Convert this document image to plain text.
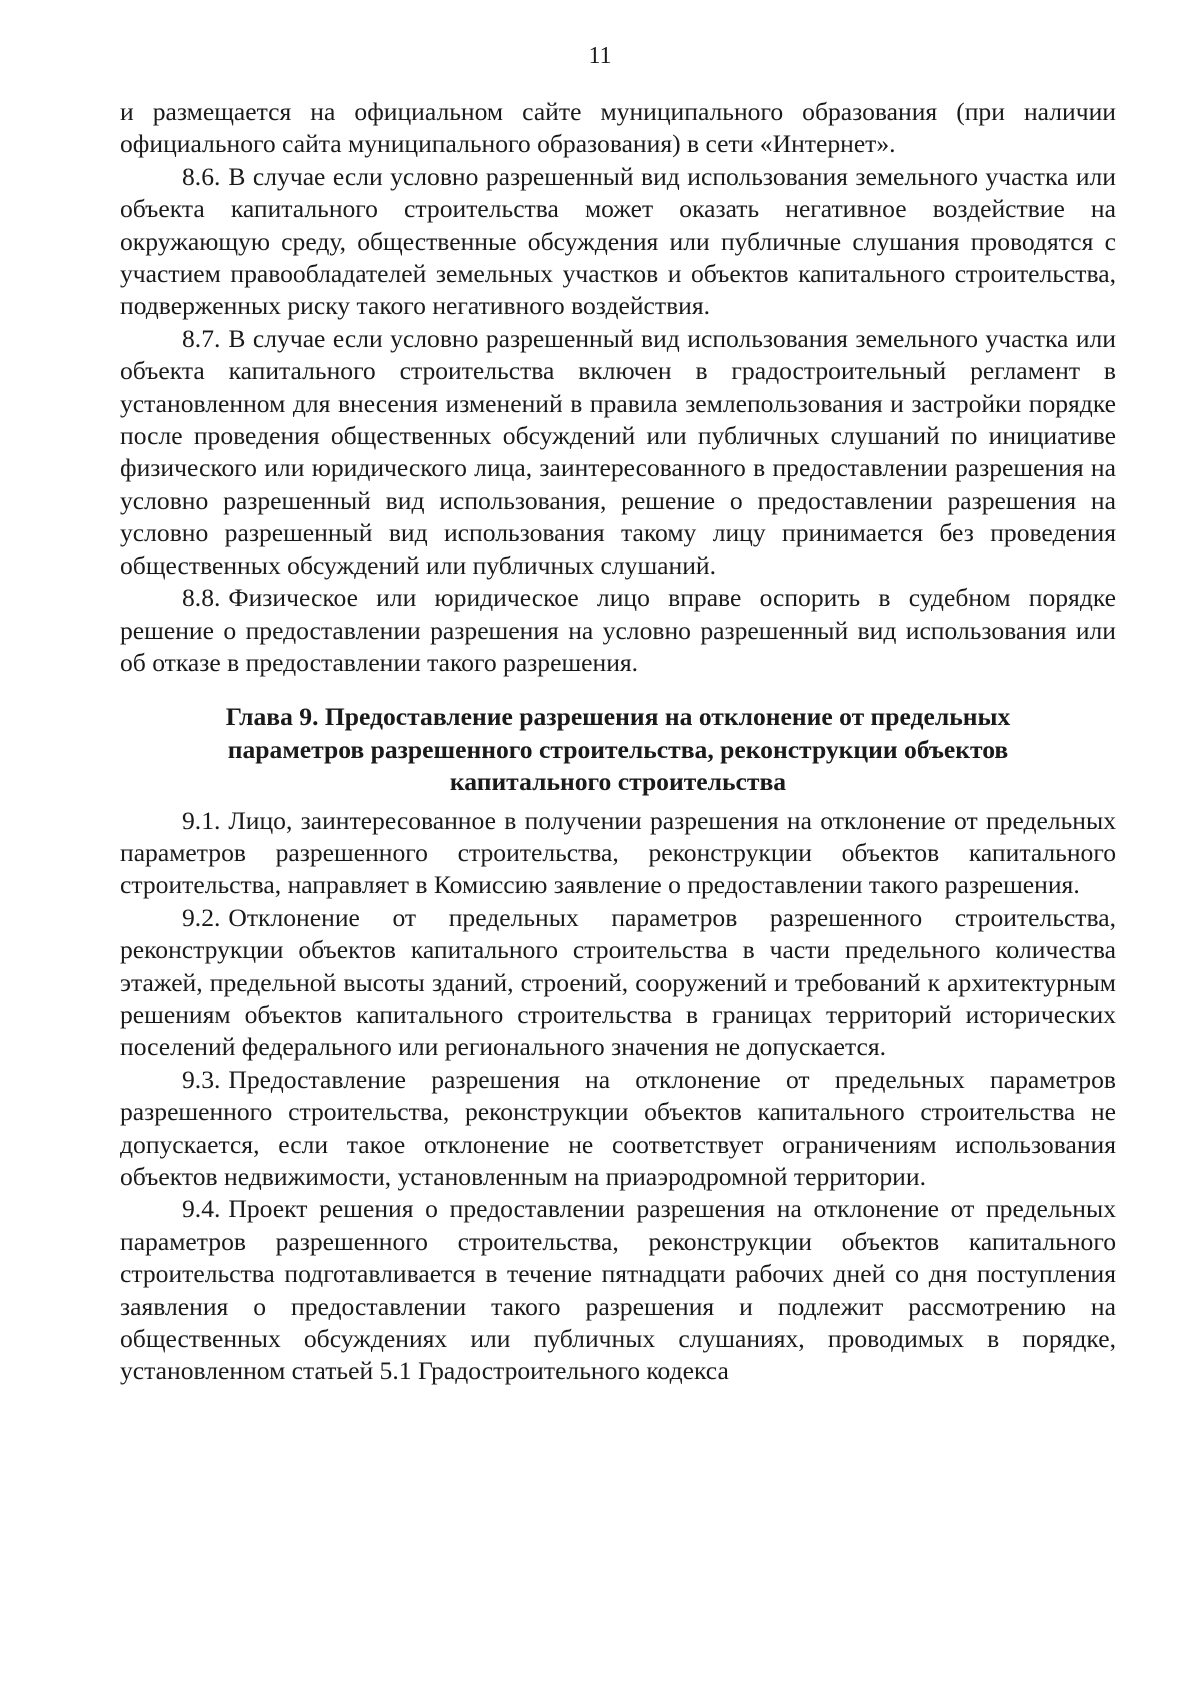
11

и размещается на официальном сайте муниципального образования (при наличии официального сайта муниципального образования) в сети «Интернет».

8.6. В случае если условно разрешенный вид использования земельного участка или объекта капитального строительства может оказать негативное воздействие на окружающую среду, общественные обсуждения или публичные слушания проводятся с участием правообладателей земельных участков и объектов капитального строительства, подверженных риску такого негативного воздействия.

8.7. В случае если условно разрешенный вид использования земельного участка или объекта капитального строительства включен в градостроительный регламент в установленном для внесения изменений в правила землепользования и застройки порядке после проведения общественных обсуждений или публичных слушаний по инициативе физического или юридического лица, заинтересованного в предоставлении разрешения на условно разрешенный вид использования, решение о предоставлении разрешения на условно разрешенный вид использования такому лицу принимается без проведения общественных обсуждений или публичных слушаний.

8.8. Физическое или юридическое лицо вправе оспорить в судебном порядке решение о предоставлении разрешения на условно разрешенный вид использования или об отказе в предоставлении такого разрешения.

Глава 9. Предоставление разрешения на отклонение от предельных
параметров разрешенного строительства, реконструкции объектов
капитального строительства

9.1. Лицо, заинтересованное в получении разрешения на отклонение от предельных параметров разрешенного строительства, реконструкции объектов капитального строительства, направляет в Комиссию заявление о предоставлении такого разрешения.

9.2. Отклонение от предельных параметров разрешенного строительства, реконструкции объектов капитального строительства в части предельного количества этажей, предельной высоты зданий, строений, сооружений и требований к архитектурным решениям объектов капитального строительства в границах территорий исторических поселений федерального или регионального значения не допускается.

9.3. Предоставление разрешения на отклонение от предельных параметров разрешенного строительства, реконструкции объектов капитального строительства не допускается, если такое отклонение не соответствует ограничениям использования объектов недвижимости, установленным на приаэродромной территории.

9.4. Проект решения о предоставлении разрешения на отклонение от предельных параметров разрешенного строительства, реконструкции объектов капитального строительства подготавливается в течение пятнадцати рабочих дней со дня поступления заявления о предоставлении такого разрешения и подлежит рассмотрению на общественных обсуждениях или публичных слушаниях, проводимых в порядке, установленном статьей 5.1 Градостроительного кодекса
